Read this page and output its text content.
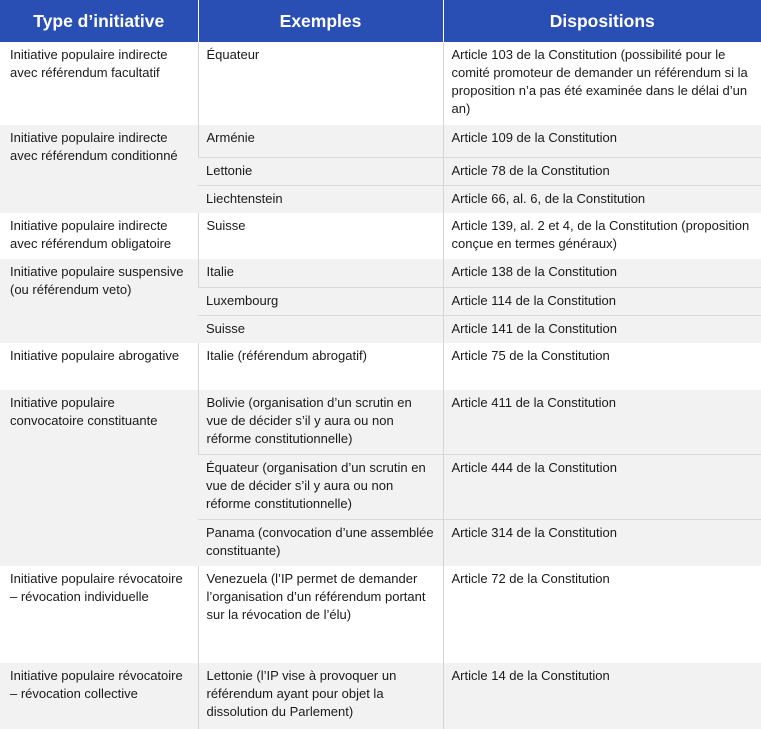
Type d’initiative	Exemples	Dispositions
Initiative populaire indirecte avec référendum facultatif	Équateur	Article 103 de la Constitution (possibilité pour le comité promoteur de demander un référendum si la proposition n’a pas été examinée dans le délai d’un an)
Initiative populaire indirecte avec référendum conditionné	Arménie	Article 109 de la Constitution
	Lettonie	Article 78 de la Constitution
	Liechtenstein	Article 66, al. 6, de la Constitution
Initiative populaire indirecte avec référendum obligatoire	Suisse	Article 139, al. 2 et 4, de la Constitution (proposition conçue en termes généraux)
Initiative populaire suspensive (ou référendum veto)	Italie	Article 138 de la Constitution
	Luxembourg	Article 114 de la Constitution
	Suisse	Article 141 de la Constitution
Initiative populaire abrogative	Italie (référendum abrogatif)	Article 75 de la Constitution
Initiative populaire convocatoire constituante	Bolivie (organisation d’un scrutin en vue de décider s’il y aura ou non réforme constitutionnelle)	Article 411 de la Constitution
	Équateur (organisation d’un scrutin en vue de décider s’il y aura ou non réforme constitutionnelle)	Article 444 de la Constitution
	Panama (convocation d’une assemblée constituante)	Article 314 de la Constitution
Initiative populaire révocatoire – révocation individuelle	Venezuela (l’IP permet de demander l’organisation d’un référendum portant sur la révocation de l’élu)	Article 72 de la Constitution
Initiative populaire révocatoire – révocation collective	Lettonie (l’IP vise à provoquer un référendum ayant pour objet la dissolution du Parlement)	Article 14 de la Constitution
